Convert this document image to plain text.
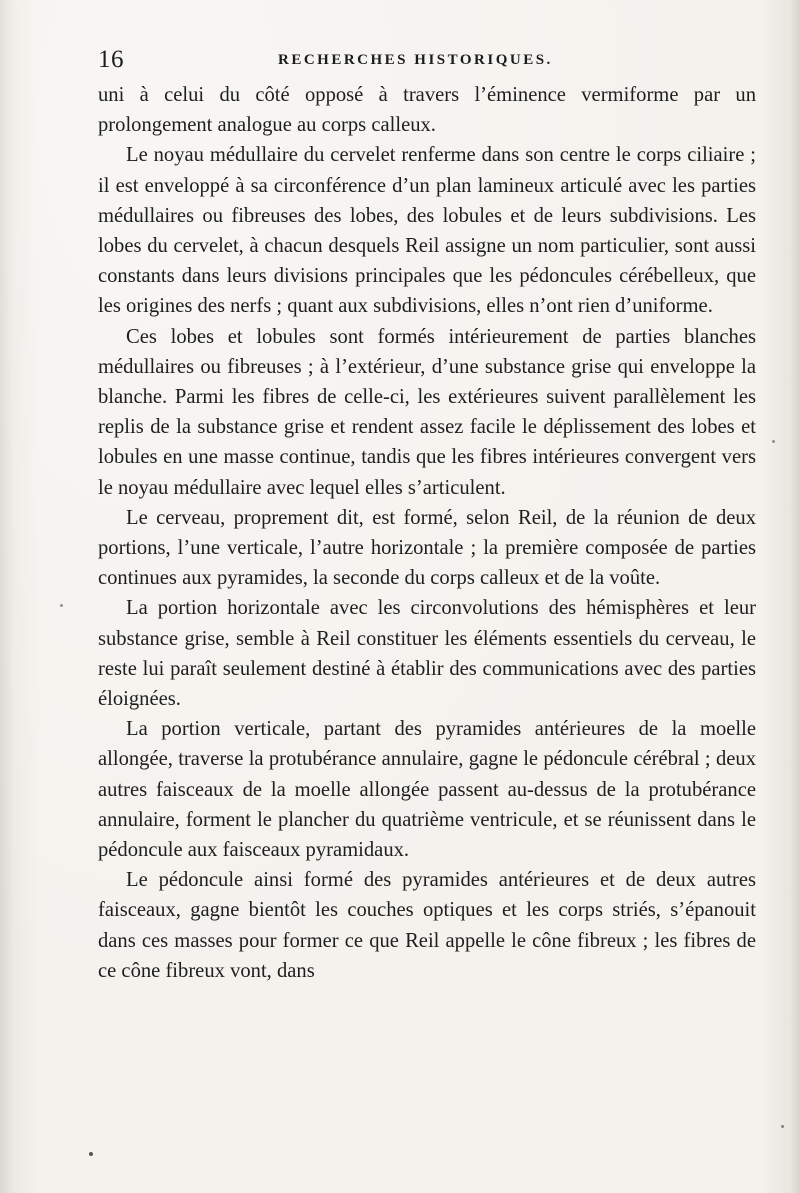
16	RECHERCHES HISTORIQUES.

uni à celui du côté opposé à travers l’éminence vermiforme par un prolongement analogue au corps calleux.

Le noyau médullaire du cervelet renferme dans son centre le corps ciliaire ; il est enveloppé à sa circonférence d’un plan lamineux articulé avec les parties médullaires ou fibreuses des lobes, des lobules et de leurs subdivisions. Les lobes du cervelet, à chacun desquels Reil assigne un nom particulier, sont aussi constants dans leurs divisions principales que les pédoncules cérébelleux, que les origines des nerfs ; quant aux subdivisions, elles n’ont rien d’uniforme.

Ces lobes et lobules sont formés intérieurement de parties blanches médullaires ou fibreuses ; à l’extérieur, d’une substance grise qui enveloppe la blanche. Parmi les fibres de celle-ci, les extérieures suivent parallèlement les replis de la substance grise et rendent assez facile le déplissement des lobes et lobules en une masse continue, tandis que les fibres intérieures convergent vers le noyau médullaire avec lequel elles s’articulent.

Le cerveau, proprement dit, est formé, selon Reil, de la réunion de deux portions, l’une verticale, l’autre horizontale ; la première composée de parties continues aux pyramides, la seconde du corps calleux et de la voûte.

La portion horizontale avec les circonvolutions des hémisphères et leur substance grise, semble à Reil constituer les éléments essentiels du cerveau, le reste lui paraît seulement destiné à établir des communications avec des parties éloignées.

La portion verticale, partant des pyramides antérieures de la moelle allongée, traverse la protubérance annulaire, gagne le pédoncule cérébral ; deux autres faisceaux de la moelle allongée passent au-dessus de la protubérance annulaire, forment le plancher du quatrième ventricule, et se réunissent dans le pédoncule aux faisceaux pyramidaux.

Le pédoncule ainsi formé des pyramides antérieures et de deux autres faisceaux, gagne bientôt les couches optiques et les corps striés, s’épanouit dans ces masses pour former ce que Reil appelle le cône fibreux ; les fibres de ce cône fibreux vont, dans
